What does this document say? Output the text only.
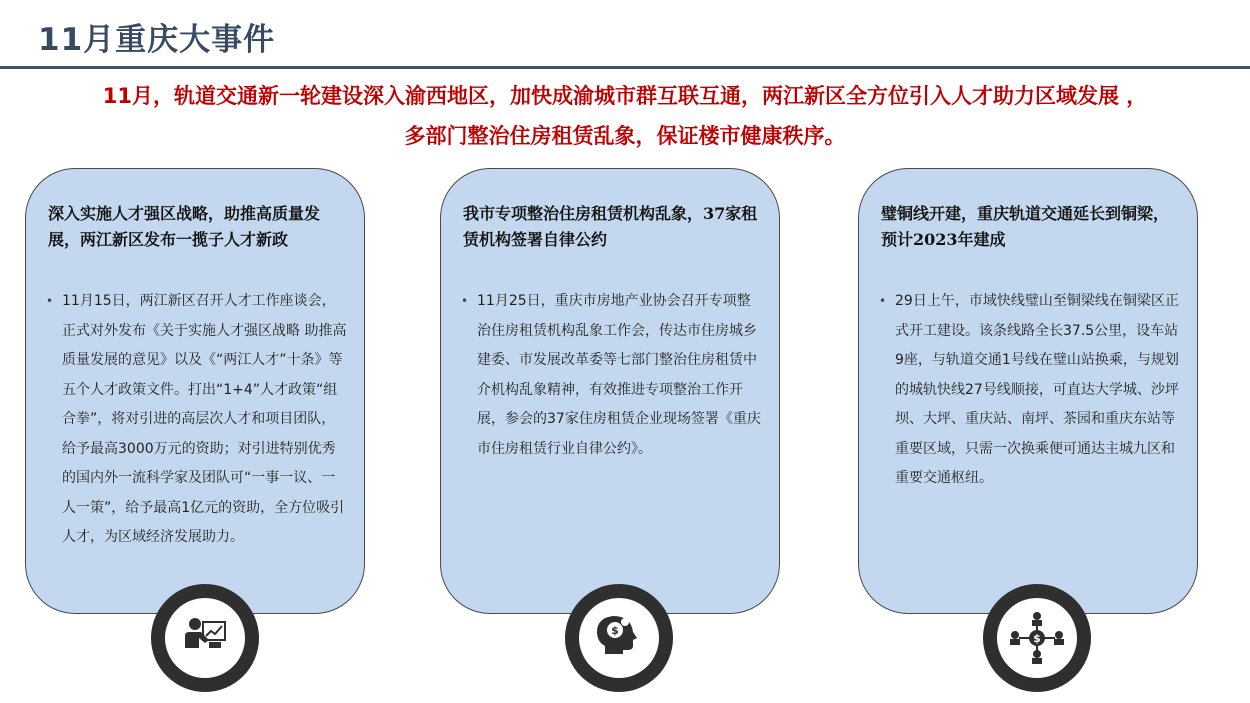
11月重庆大事件
11月，轨道交通新一轮建设深入渝西地区，加快成渝城市群互联互通，两江新区全方位引入人才助力区域发展 ，
多部门整治住房租赁乱象，保证楼市健康秩序。
深入实施人才强区战略，助推高质量发展，两江新区发布一揽子人才新政
• 11月15日，两江新区召开人才工作座谈会，正式对外发布《关于实施人才强区战略 助推高质量发展的意见》以及《“两江人才”十条》等五个人才政策文件。打出“1+4”人才政策“组合拳”，将对引进的高层次人才和项目团队，给予最高3000万元的资助；对引进特别优秀的国内外一流科学家及团队可“一事一议、一人一策”，给予最高1亿元的资助，全方位吸引人才，为区域经济发展助力。
我市专项整治住房租赁机构乱象，37家租赁机构签署自律公约
• 11月25日，重庆市房地产业协会召开专项整治住房租赁机构乱象工作会，传达市住房城乡建委、市发展改革委等七部门整治住房租赁中介机构乱象精神，有效推进专项整治工作开展，参会的37家住房租赁企业现场签署《重庆市住房租赁行业自律公约》。
$
璧铜线开建，重庆轨道交通延长到铜梁，预计2023年建成
• 29日上午，市域快线璧山至铜梁线在铜梁区正式开工建设。该条线路全长37.5公里，设车站9座，与轨道交通1号线在璧山站换乘，与规划的城轨快线27号线顺接，可直达大学城、沙坪坝、大坪、重庆站、南坪、茶园和重庆东站等重要区域，只需一次换乘便可通达主城九区和重要交通枢纽。
$
